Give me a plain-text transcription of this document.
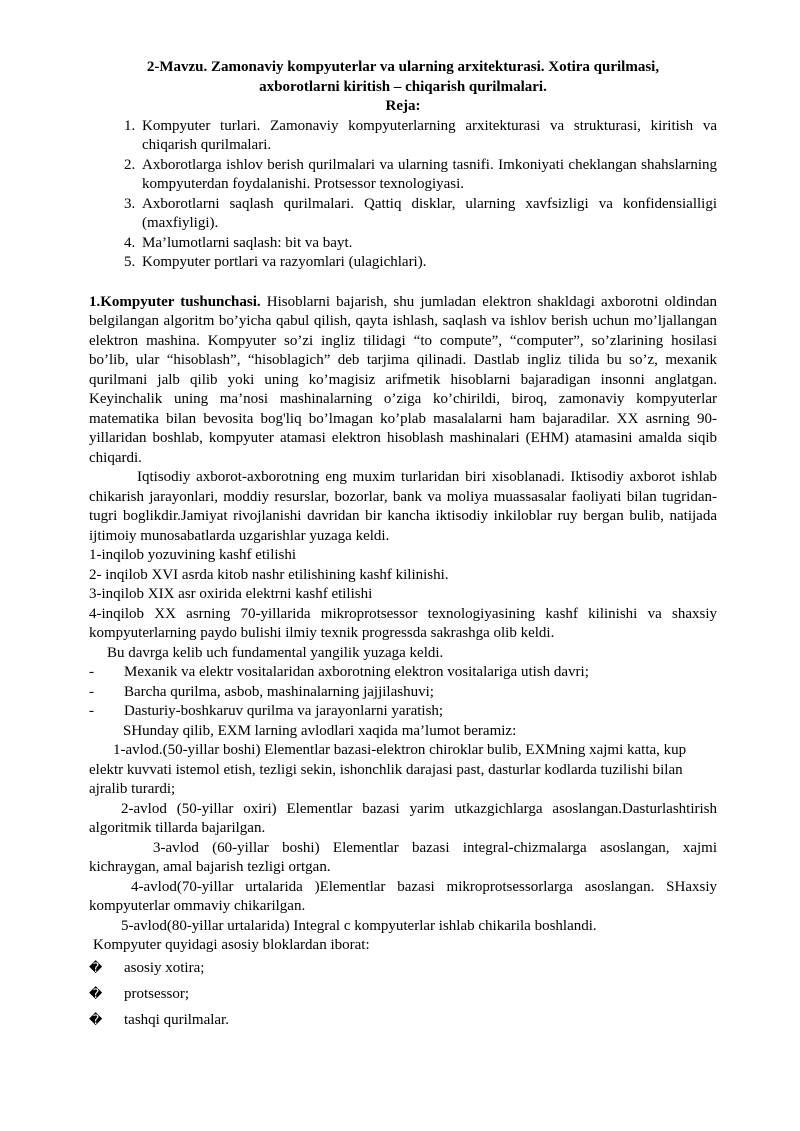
2-Mavzu. Zamonaviy kompyuterlar va ularning arxitekturasi. Xotira qurilmasi,

axborotlarni kiritish – chiqarish qurilmalari.

Reja:

1. Kompyuter turlari. Zamonaviy kompyuterlarning arxitekturasi va strukturasi, kiritish va chiqarish qurilmalari.
2. Axborotlarga ishlov berish qurilmalari va ularning tasnifi. Imkoniyati cheklangan shahslarning kompyuterdan foydalanishi. Protsessor texnologiyasi.
3. Axborotlarni saqlash qurilmalari. Qattiq disklar, ularning xavfsizligi va konfidensialligi (maxfiyligi).
4. Ma’lumotlarni saqlash: bit va bayt.
5. Kompyuter portlari va razyomlari (ulagichlari).

1.Kompyuter tushunchasi. Hisoblarni bajarish, shu jumladan elektron shakldagi axborotni oldindan belgilangan algoritm bo’yicha qabul qilish, qayta ishlash, saqlash va ishlov berish uchun mo’ljallangan elektron mashina. Kompyuter so’zi ingliz tilidagi “to compute”, “computer”, so’zlarining hosilasi bo’lib, ular “hisoblash”, “hisoblagich” deb tarjima qilinadi. Dastlab ingliz tilida bu so’z, mexanik qurilmani jalb qilib yoki uning ko’magisiz arifmetik hisoblarni bajaradigan insonni anglatgan. Keyinchalik uning ma’nosi mashinalarning o’ziga ko’chirildi, biroq, zamonaviy kompyuterlar matematika bilan bevosita bog'liq bo’lmagan ko’plab masalalarni ham bajaradilar. XX asrning 90-yillaridan boshlab, kompyuter atamasi elektron hisoblash mashinalari (EHM) atamasini amalda siqib chiqardi.

Iqtisodiy axborot-axborotning eng muxim turlaridan biri xisoblanadi. Iktisodiy axborot ishlab chikarish jarayonlari, moddiy resurslar, bozorlar, bank va moliya muassasalar faoliyati bilan tugridan-tugri boglikdir.Jamiyat rivojlanishi davridan bir kancha iktisodiy inkiloblar ruy bergan bulib, natijada ijtimoiy munosabatlarda uzgarishlar yuzaga keldi.

1-inqilob yozuvining kashf etilishi

2- inqilob XVI asrda kitob nashr etilishining kashf kilinishi.

3-inqilob XIX asr oxirida elektrni kashf etilishi

4-inqilob XX asrning 70-yillarida mikroprotsessor texnologiyasining kashf kilinishi va shaxsiy kompyuterlarning paydo bulishi ilmiy texnik progressda sakrashga olib keldi.

Bu davrga kelib uch fundamental yangilik yuzaga keldi.

-	Mexanik va elektr vositalaridan axborotning elektron vositalariga utish davri;
-	Barcha qurilma, asbob, mashinalarning jajjilashuvi;
-	Dasturiy-boshkaruv qurilma va jarayonlarni yaratish;

SHunday qilib, EXM larning avlodlari xaqida ma’lumot beramiz:

1-avlod.(50-yillar boshi) Elementlar bazasi-elektron chiroklar bulib, EXMning xajmi katta, kup elektr kuvvati istemol etish, tezligi sekin, ishonchlik darajasi past, dasturlar kodlarda tuzilishi bilan ajralib turardi;

2-avlod (50-yillar oxiri) Elementlar bazasi yarim utkazgichlarga asoslangan.Dasturlashtirish algoritmik tillarda bajarilgan.

3-avlod (60-yillar boshi) Elementlar bazasi integral-chizmalarga asoslangan, xajmi kichraygan, amal bajarish tezligi ortgan.

4-avlod(70-yillar urtalarida )Elementlar bazasi mikroprotsessorlarga asoslangan. SHaxsiy kompyuterlar ommaviy chikarilgan.

5-avlod(80-yillar urtalarida) Integral c kompyuterlar ishlab chikarila boshlandi.

Kompyuter quyidagi asosiy bloklardan iborat:

�	asosiy xotira;
�	protsessor;
�	tashqi qurilmalar.
